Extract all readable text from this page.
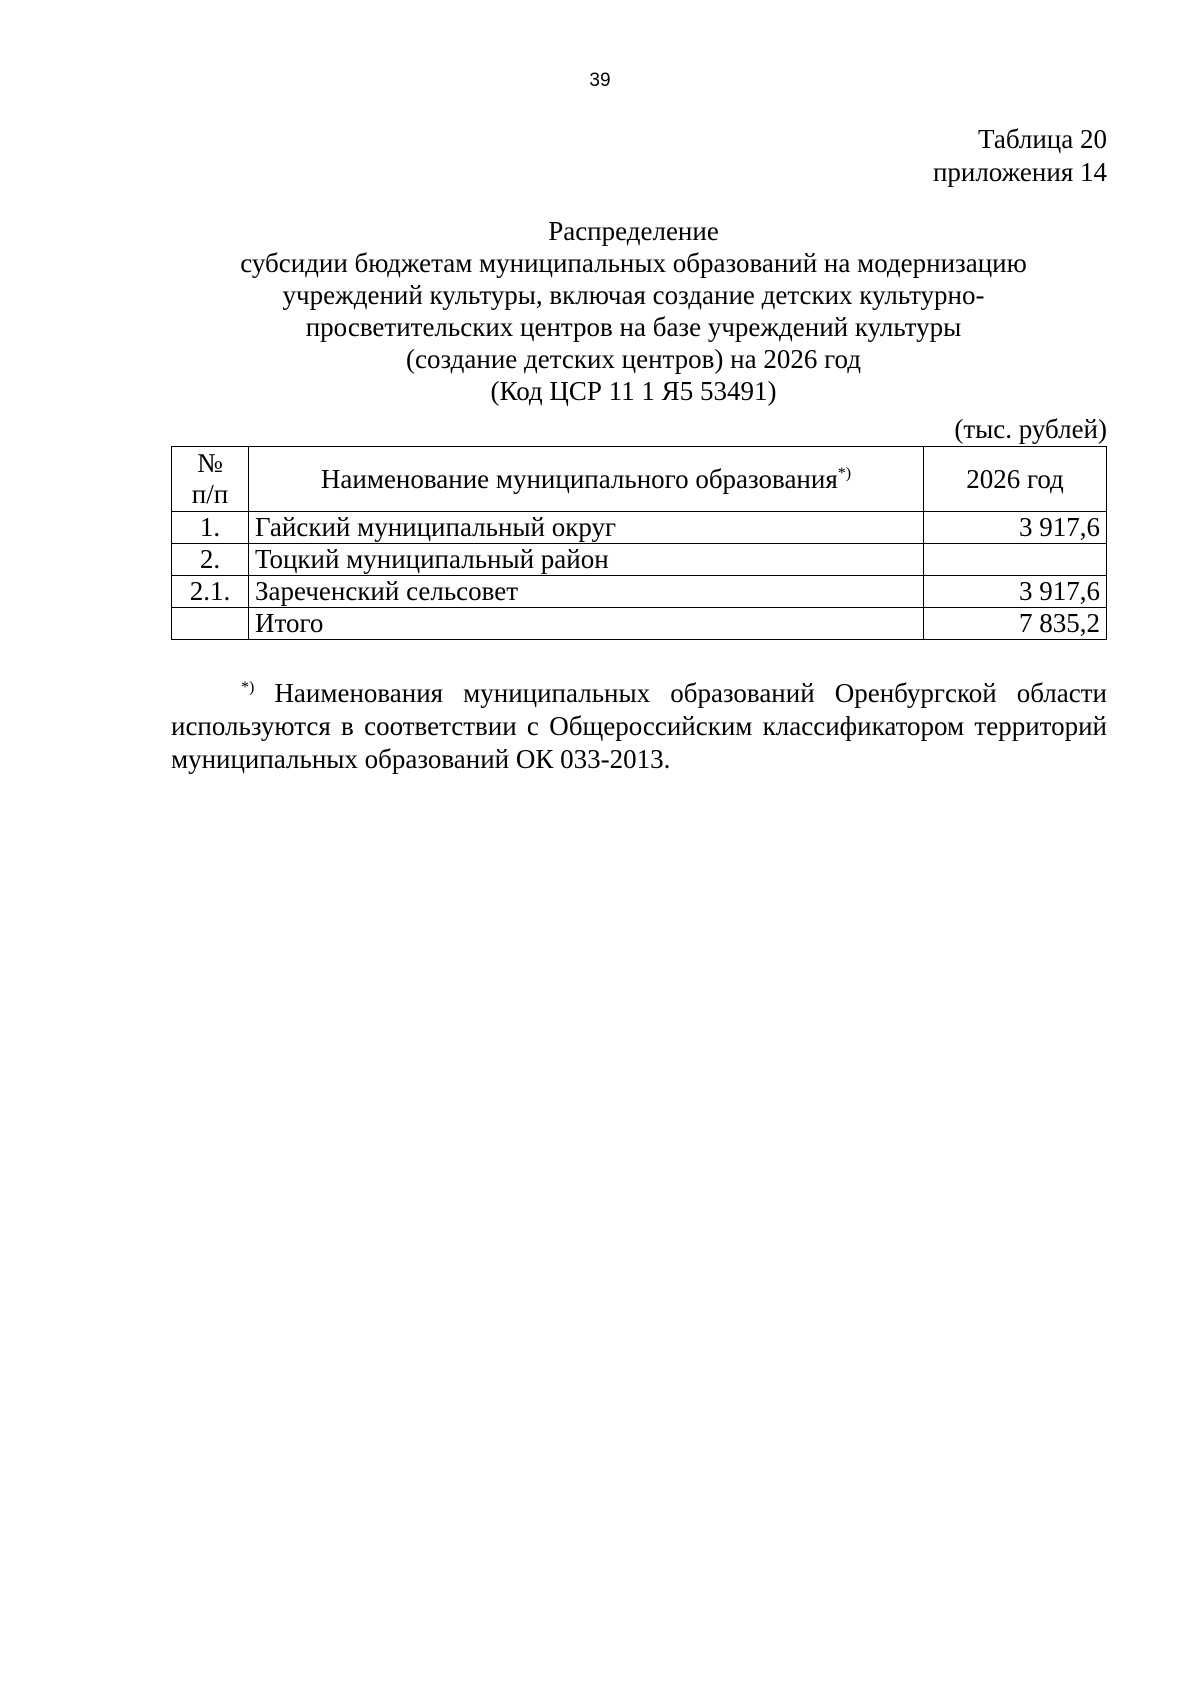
39
Таблица 20
приложения 14
Распределение
субсидии бюджетам муниципальных образований на модернизацию
учреждений культуры, включая создание детских культурно-
просветительских центров на базе учреждений культуры
(создание детских центров) на 2026 год
(Код ЦСР 11 1 Я5 53491)
(тыс. рублей)
№
п/п	Наименование муниципального образования*)	2026 год
1.	Гайский муниципальный округ	3 917,6
2.	Тоцкий муниципальный район	
2.1.	Зареченский сельсовет	3 917,6
	Итого	7 835,2

*) Наименования муниципальных образований Оренбургской области используются в соответствии с Общероссийским классификатором территорий муниципальных образований ОК 033-2013.
